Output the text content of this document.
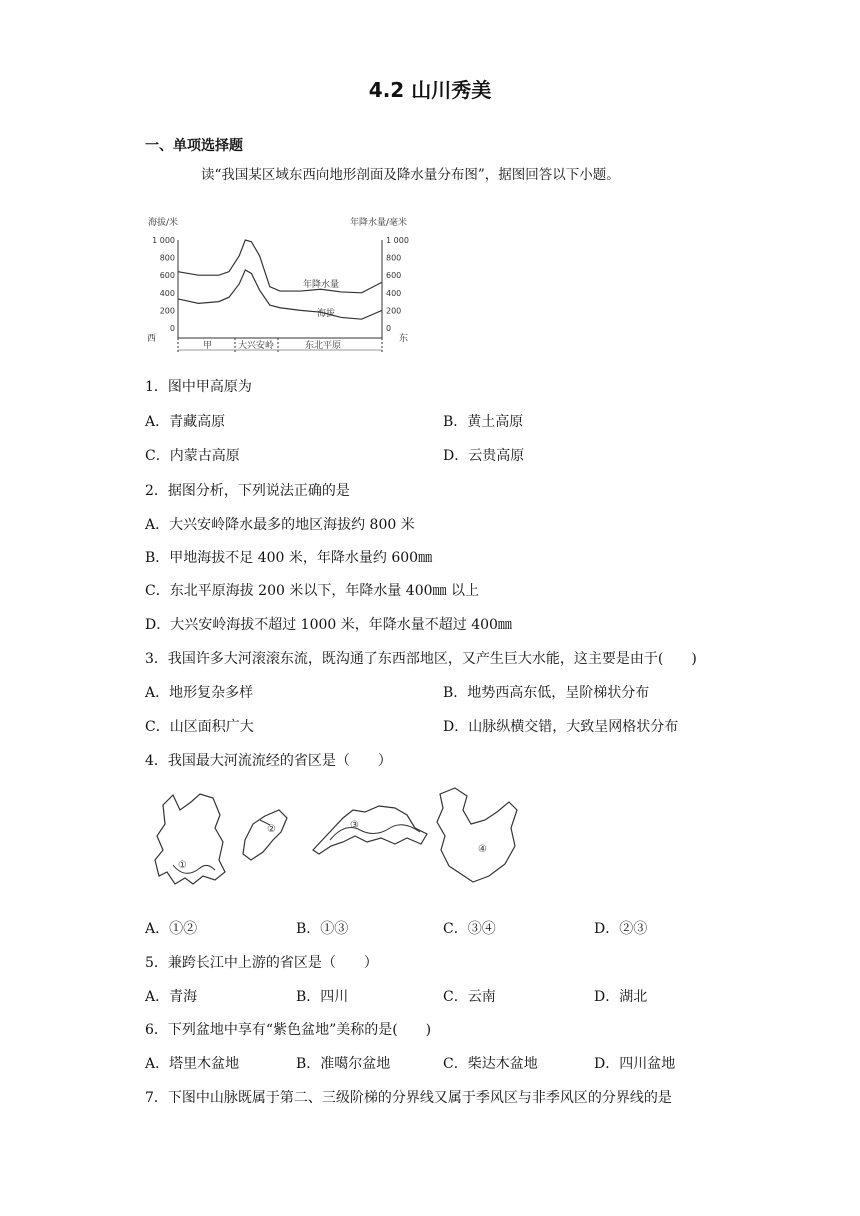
4.2 山川秀美
一、单项选择题
读“我国某区域东西向地形剖面及降水量分布图”，据图回答以下小题。
海拔/米	年降水量/毫米
1 000
800
600
400
200
0
1 000
800
600
400
200
0
西	东
年降水量
海拔
甲	大兴安岭	东北平原
①
②	③
④
1．图中甲高原为
A．青藏高原	B．黄土高原
C．内蒙古高原	D．云贵高原
2．据图分析，下列说法正确的是
A．大兴安岭降水最多的地区海拔约 800 米
B．甲地海拔不足 400 米，年降水量约 600㎜
C．东北平原海拔 200 米以下，年降水量 400㎜ 以上
D．大兴安岭海拔不超过 1000 米，年降水量不超过 400㎜
3．我国许多大河滚滚东流，既沟通了东西部地区，又产生巨大水能，这主要是由于(　　)
A．地形复杂多样	B．地势西高东低，呈阶梯状分布
C．山区面积广大	D．山脉纵横交错，大致呈网格状分布
4．我国最大河流流经的省区是（　　）
A．①②	B．①③	C．③④	D．②③
5．兼跨长江中上游的省区是（　　）
A．青海	B．四川	C．云南	D．湖北
6．下列盆地中享有“紫色盆地”美称的是(　　)
A．塔里木盆地	B．准噶尔盆地	C．柴达木盆地	D．四川盆地
7．下图中山脉既属于第二、三级阶梯的分界线又属于季风区与非季风区的分界线的是
